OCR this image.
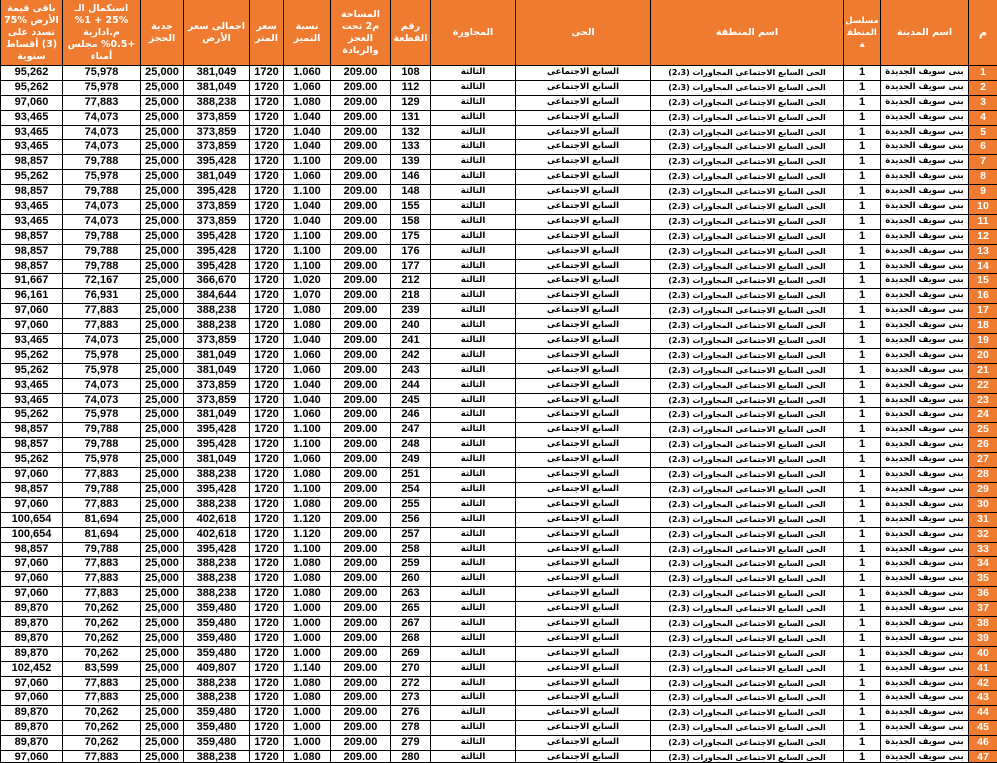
م
اسم المدينة
مسلسل المنطقة
اسم المنطقة
الحى
المجاورة
رقم القطعة
المساحة م2 تحت العجز والزيادة
نسبة التميز
سعر المتر
اجمالى سعر الأرض
جدية الحجز
استكمال الـ %25 + 1% م.ادارية +0.5% مجلس أمناء
باقى قيمة الأرض %75 تسدد على (3) أقساط سنوية
1
بنى سويف الجديدة
1
الحى السابع الاجتماعى المجاورات (2،3)
السابع الاجتماعى
الثالثة
108
209.00
1.060
1720
381,049
25,000
75,978
95,262
2
بنى سويف الجديدة
1
الحى السابع الاجتماعى المجاورات (2،3)
السابع الاجتماعى
الثالثة
112
209.00
1.060
1720
381,049
25,000
75,978
95,262
3
بنى سويف الجديدة
1
الحى السابع الاجتماعى المجاورات (2،3)
السابع الاجتماعى
الثالثة
129
209.00
1.080
1720
388,238
25,000
77,883
97,060
4
بنى سويف الجديدة
1
الحى السابع الاجتماعى المجاورات (2،3)
السابع الاجتماعى
الثالثة
131
209.00
1.040
1720
373,859
25,000
74,073
93,465
5
بنى سويف الجديدة
1
الحى السابع الاجتماعى المجاورات (2،3)
السابع الاجتماعى
الثالثة
132
209.00
1.040
1720
373,859
25,000
74,073
93,465
6
بنى سويف الجديدة
1
الحى السابع الاجتماعى المجاورات (2،3)
السابع الاجتماعى
الثالثة
133
209.00
1.040
1720
373,859
25,000
74,073
93,465
7
بنى سويف الجديدة
1
الحى السابع الاجتماعى المجاورات (2،3)
السابع الاجتماعى
الثالثة
139
209.00
1.100
1720
395,428
25,000
79,788
98,857
8
بنى سويف الجديدة
1
الحى السابع الاجتماعى المجاورات (2،3)
السابع الاجتماعى
الثالثة
146
209.00
1.060
1720
381,049
25,000
75,978
95,262
9
بنى سويف الجديدة
1
الحى السابع الاجتماعى المجاورات (2،3)
السابع الاجتماعى
الثالثة
148
209.00
1.100
1720
395,428
25,000
79,788
98,857
10
بنى سويف الجديدة
1
الحى السابع الاجتماعى المجاورات (2،3)
السابع الاجتماعى
الثالثة
155
209.00
1.040
1720
373,859
25,000
74,073
93,465
11
بنى سويف الجديدة
1
الحى السابع الاجتماعى المجاورات (2،3)
السابع الاجتماعى
الثالثة
158
209.00
1.040
1720
373,859
25,000
74,073
93,465
12
بنى سويف الجديدة
1
الحى السابع الاجتماعى المجاورات (2،3)
السابع الاجتماعى
الثالثة
175
209.00
1.100
1720
395,428
25,000
79,788
98,857
13
بنى سويف الجديدة
1
الحى السابع الاجتماعى المجاورات (2،3)
السابع الاجتماعى
الثالثة
176
209.00
1.100
1720
395,428
25,000
79,788
98,857
14
بنى سويف الجديدة
1
الحى السابع الاجتماعى المجاورات (2،3)
السابع الاجتماعى
الثالثة
177
209.00
1.100
1720
395,428
25,000
79,788
98,857
15
بنى سويف الجديدة
1
الحى السابع الاجتماعى المجاورات (2،3)
السابع الاجتماعى
الثالثة
212
209.00
1.020
1720
366,670
25,000
72,167
91,667
16
بنى سويف الجديدة
1
الحى السابع الاجتماعى المجاورات (2،3)
السابع الاجتماعى
الثالثة
218
209.00
1.070
1720
384,644
25,000
76,931
96,161
17
بنى سويف الجديدة
1
الحى السابع الاجتماعى المجاورات (2،3)
السابع الاجتماعى
الثالثة
239
209.00
1.080
1720
388,238
25,000
77,883
97,060
18
بنى سويف الجديدة
1
الحى السابع الاجتماعى المجاورات (2،3)
السابع الاجتماعى
الثالثة
240
209.00
1.080
1720
388,238
25,000
77,883
97,060
19
بنى سويف الجديدة
1
الحى السابع الاجتماعى المجاورات (2،3)
السابع الاجتماعى
الثالثة
241
209.00
1.040
1720
373,859
25,000
74,073
93,465
20
بنى سويف الجديدة
1
الحى السابع الاجتماعى المجاورات (2،3)
السابع الاجتماعى
الثالثة
242
209.00
1.060
1720
381,049
25,000
75,978
95,262
21
بنى سويف الجديدة
1
الحى السابع الاجتماعى المجاورات (2،3)
السابع الاجتماعى
الثالثة
243
209.00
1.060
1720
381,049
25,000
75,978
95,262
22
بنى سويف الجديدة
1
الحى السابع الاجتماعى المجاورات (2،3)
السابع الاجتماعى
الثالثة
244
209.00
1.040
1720
373,859
25,000
74,073
93,465
23
بنى سويف الجديدة
1
الحى السابع الاجتماعى المجاورات (2،3)
السابع الاجتماعى
الثالثة
245
209.00
1.040
1720
373,859
25,000
74,073
93,465
24
بنى سويف الجديدة
1
الحى السابع الاجتماعى المجاورات (2،3)
السابع الاجتماعى
الثالثة
246
209.00
1.060
1720
381,049
25,000
75,978
95,262
25
بنى سويف الجديدة
1
الحى السابع الاجتماعى المجاورات (2،3)
السابع الاجتماعى
الثالثة
247
209.00
1.100
1720
395,428
25,000
79,788
98,857
26
بنى سويف الجديدة
1
الحى السابع الاجتماعى المجاورات (2،3)
السابع الاجتماعى
الثالثة
248
209.00
1.100
1720
395,428
25,000
79,788
98,857
27
بنى سويف الجديدة
1
الحى السابع الاجتماعى المجاورات (2،3)
السابع الاجتماعى
الثالثة
249
209.00
1.060
1720
381,049
25,000
75,978
95,262
28
بنى سويف الجديدة
1
الحى السابع الاجتماعى المجاورات (2،3)
السابع الاجتماعى
الثالثة
251
209.00
1.080
1720
388,238
25,000
77,883
97,060
29
بنى سويف الجديدة
1
الحى السابع الاجتماعى المجاورات (2،3)
السابع الاجتماعى
الثالثة
254
209.00
1.100
1720
395,428
25,000
79,788
98,857
30
بنى سويف الجديدة
1
الحى السابع الاجتماعى المجاورات (2،3)
السابع الاجتماعى
الثالثة
255
209.00
1.080
1720
388,238
25,000
77,883
97,060
31
بنى سويف الجديدة
1
الحى السابع الاجتماعى المجاورات (2،3)
السابع الاجتماعى
الثالثة
256
209.00
1.120
1720
402,618
25,000
81,694
100,654
32
بنى سويف الجديدة
1
الحى السابع الاجتماعى المجاورات (2،3)
السابع الاجتماعى
الثالثة
257
209.00
1.120
1720
402,618
25,000
81,694
100,654
33
بنى سويف الجديدة
1
الحى السابع الاجتماعى المجاورات (2،3)
السابع الاجتماعى
الثالثة
258
209.00
1.100
1720
395,428
25,000
79,788
98,857
34
بنى سويف الجديدة
1
الحى السابع الاجتماعى المجاورات (2،3)
السابع الاجتماعى
الثالثة
259
209.00
1.080
1720
388,238
25,000
77,883
97,060
35
بنى سويف الجديدة
1
الحى السابع الاجتماعى المجاورات (2،3)
السابع الاجتماعى
الثالثة
260
209.00
1.080
1720
388,238
25,000
77,883
97,060
36
بنى سويف الجديدة
1
الحى السابع الاجتماعى المجاورات (2،3)
السابع الاجتماعى
الثالثة
263
209.00
1.080
1720
388,238
25,000
77,883
97,060
37
بنى سويف الجديدة
1
الحى السابع الاجتماعى المجاورات (2،3)
السابع الاجتماعى
الثالثة
265
209.00
1.000
1720
359,480
25,000
70,262
89,870
38
بنى سويف الجديدة
1
الحى السابع الاجتماعى المجاورات (2،3)
السابع الاجتماعى
الثالثة
267
209.00
1.000
1720
359,480
25,000
70,262
89,870
39
بنى سويف الجديدة
1
الحى السابع الاجتماعى المجاورات (2،3)
السابع الاجتماعى
الثالثة
268
209.00
1.000
1720
359,480
25,000
70,262
89,870
40
بنى سويف الجديدة
1
الحى السابع الاجتماعى المجاورات (2،3)
السابع الاجتماعى
الثالثة
269
209.00
1.000
1720
359,480
25,000
70,262
89,870
41
بنى سويف الجديدة
1
الحى السابع الاجتماعى المجاورات (2،3)
السابع الاجتماعى
الثالثة
270
209.00
1.140
1720
409,807
25,000
83,599
102,452
42
بنى سويف الجديدة
1
الحى السابع الاجتماعى المجاورات (2،3)
السابع الاجتماعى
الثالثة
272
209.00
1.080
1720
388,238
25,000
77,883
97,060
43
بنى سويف الجديدة
1
الحى السابع الاجتماعى المجاورات (2،3)
السابع الاجتماعى
الثالثة
273
209.00
1.080
1720
388,238
25,000
77,883
97,060
44
بنى سويف الجديدة
1
الحى السابع الاجتماعى المجاورات (2،3)
السابع الاجتماعى
الثالثة
276
209.00
1.000
1720
359,480
25,000
70,262
89,870
45
بنى سويف الجديدة
1
الحى السابع الاجتماعى المجاورات (2،3)
السابع الاجتماعى
الثالثة
278
209.00
1.000
1720
359,480
25,000
70,262
89,870
46
بنى سويف الجديدة
1
الحى السابع الاجتماعى المجاورات (2،3)
السابع الاجتماعى
الثالثة
279
209.00
1.000
1720
359,480
25,000
70,262
89,870
47
بنى سويف الجديدة
1
الحى السابع الاجتماعى المجاورات (2،3)
السابع الاجتماعى
الثالثة
280
209.00
1.080
1720
388,238
25,000
77,883
97,060
